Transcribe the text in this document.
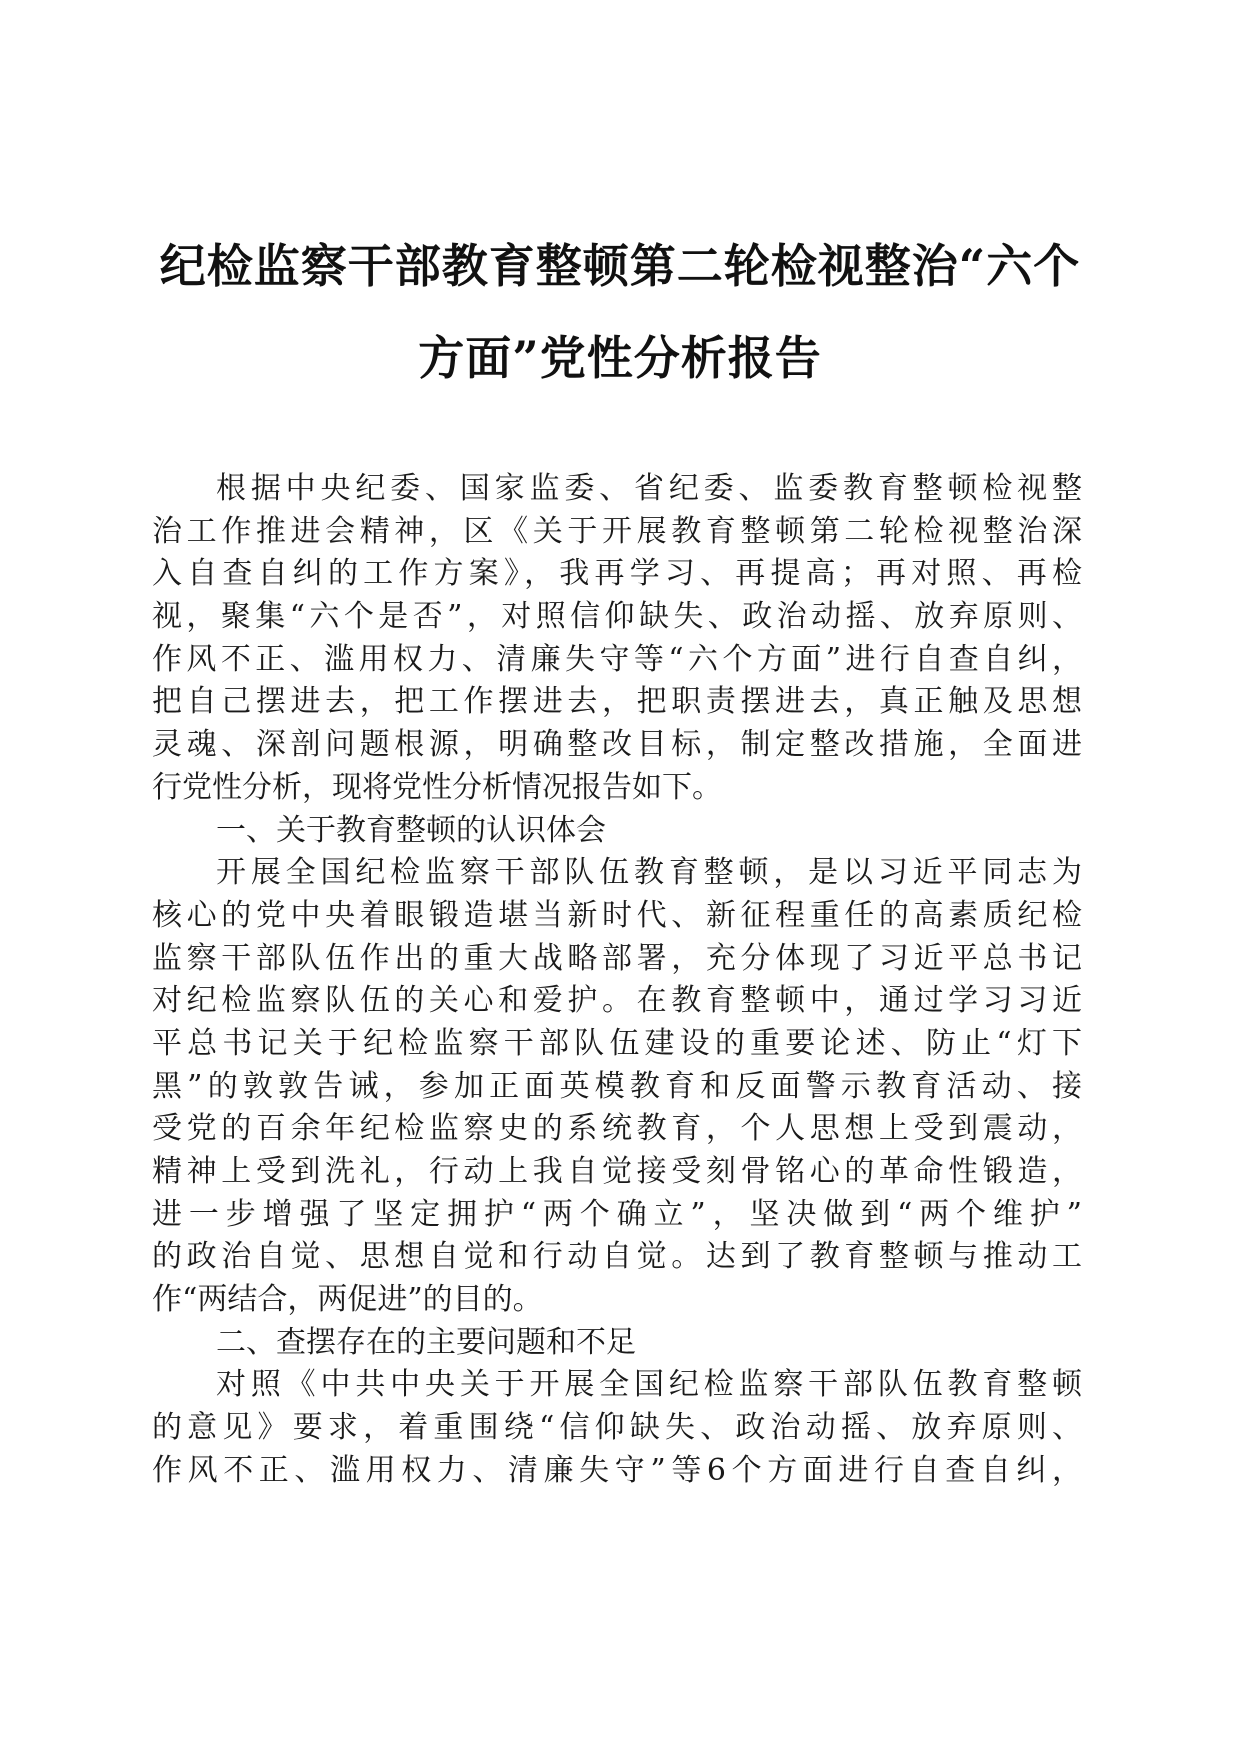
纪检监察干部教育整顿第二轮检视整治“六个
方面”党性分析报告
根据中央纪委、国家监委、省纪委、监委教育整顿检视整
治工作推进会精神，区《关于开展教育整顿第二轮检视整治深
入自查自纠的工作方案》，我再学习、再提高；再对照、再检
视，聚集“六个是否”，对照信仰缺失、政治动摇、放弃原则、
作风不正、滥用权力、清廉失守等“六个方面”进行自查自纠，
把自己摆进去，把工作摆进去，把职责摆进去，真正触及思想
灵魂、深剖问题根源，明确整改目标，制定整改措施，全面进
行党性分析，现将党性分析情况报告如下。
一、关于教育整顿的认识体会
开展全国纪检监察干部队伍教育整顿，是以习近平同志为
核心的党中央着眼锻造堪当新时代、新征程重任的高素质纪检
监察干部队伍作出的重大战略部署，充分体现了习近平总书记
对纪检监察队伍的关心和爱护。在教育整顿中，通过学习习近
平总书记关于纪检监察干部队伍建设的重要论述、防止“灯下
黑”的敦敦告诫，参加正面英模教育和反面警示教育活动、接
受党的百余年纪检监察史的系统教育，个人思想上受到震动，
精神上受到洗礼，行动上我自觉接受刻骨铭心的革命性锻造，
进一步增强了坚定拥护“两个确立”，坚决做到“两个维护”
的政治自觉、思想自觉和行动自觉。达到了教育整顿与推动工
作“两结合，两促进”的目的。
二、查摆存在的主要问题和不足
对照《中共中央关于开展全国纪检监察干部队伍教育整顿
的意见》要求，着重围绕“信仰缺失、政治动摇、放弃原则、
作风不正、滥用权力、清廉失守”等6个方面进行自查自纠，
